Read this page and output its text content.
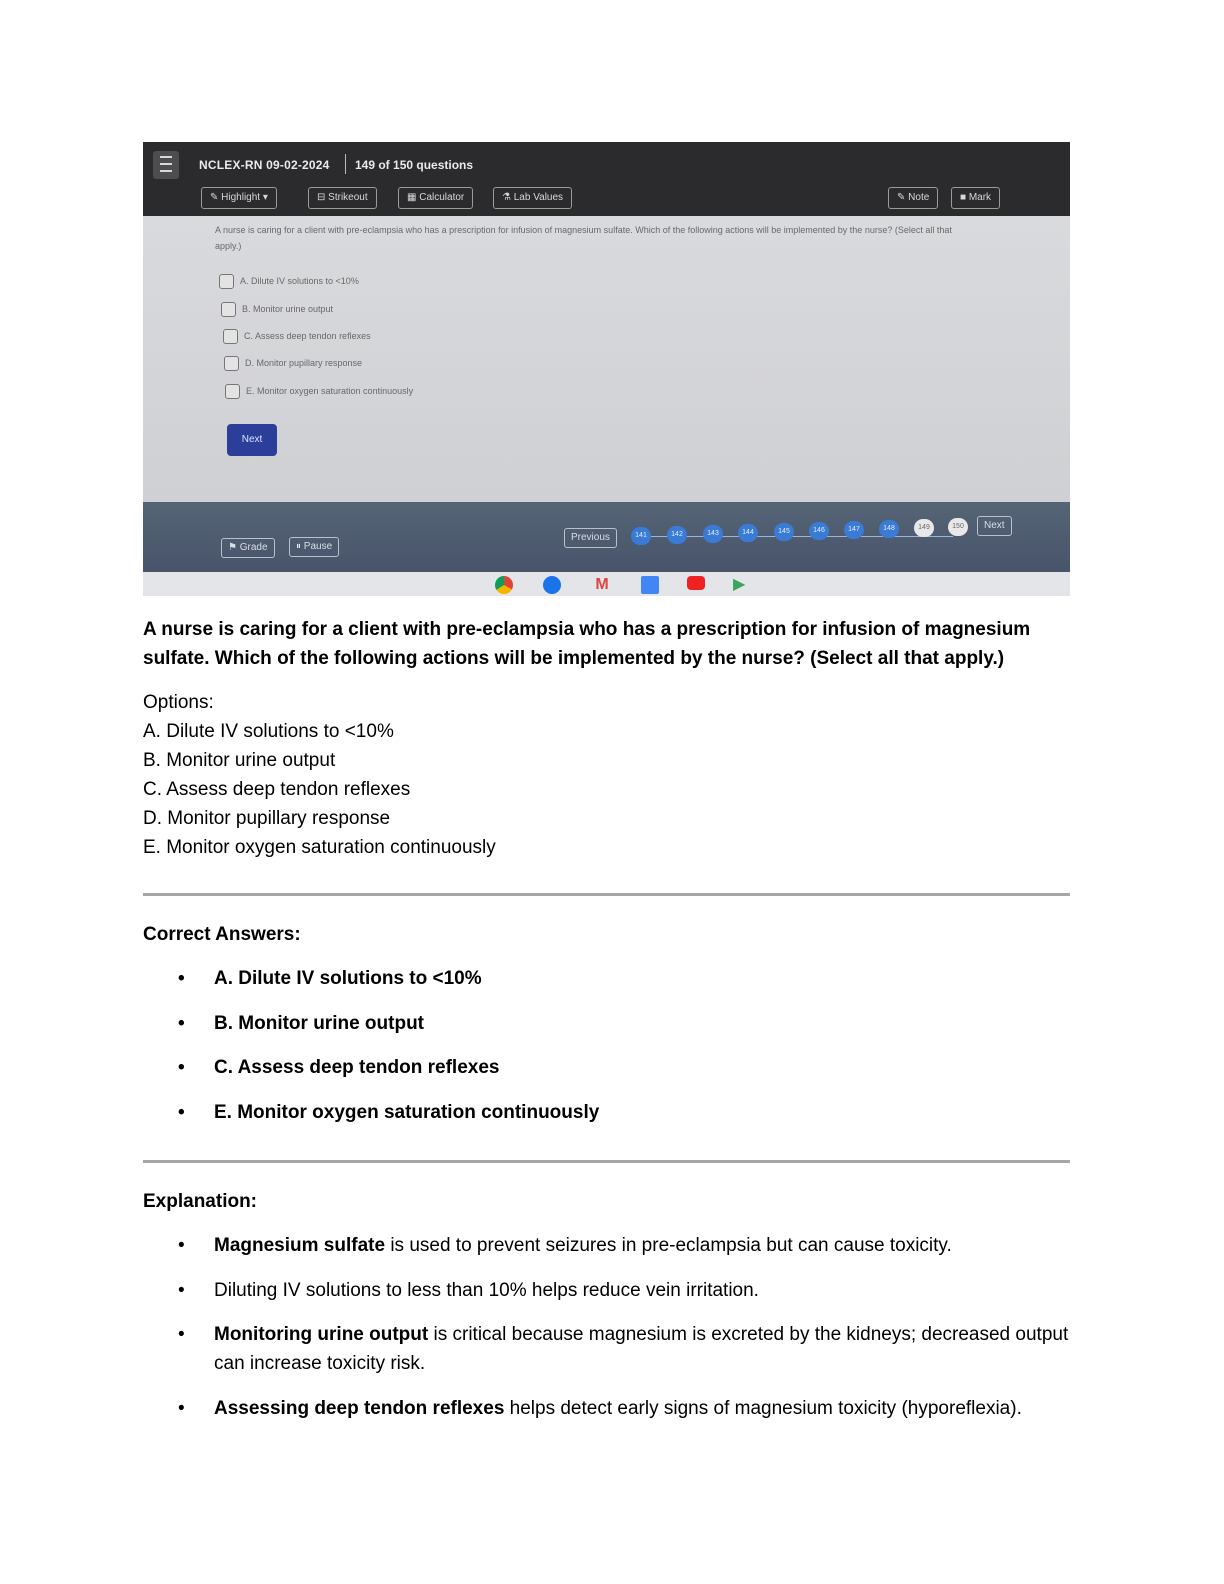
NCLEX-RN 09-02-2024 149 of 150 questions
✎ Highlight ▾	⊟ Strikeout	▦ Calculator	⚗ Lab Values	✎ Note	■ Mark
A nurse is caring for a client with pre-eclampsia who has a prescription for infusion of magnesium sulfate. Which of the following actions will be implemented by the nurse? (Select all that apply.)
A. Dilute IV solutions to <10%
B. Monitor urine output
C. Assess deep tendon reflexes
D. Monitor pupillary response
E. Monitor oxygen saturation continuously
Next
⚑ Grade	⏸ Pause
Previous	141	142	143	144	145	146	147	148	149	150	Next
M	▶
A nurse is caring for a client with pre-eclampsia who has a prescription for infusion of magnesium sulfate. Which of the following actions will be implemented by the nurse? (Select all that apply.)
Options:
A. Dilute IV solutions to <10%
B. Monitor urine output
C. Assess deep tendon reflexes
D. Monitor pupillary response
E. Monitor oxygen saturation continuously
Correct Answers:
• A. Dilute IV solutions to <10%
• B. Monitor urine output
• C. Assess deep tendon reflexes
• E. Monitor oxygen saturation continuously
Explanation:
• Magnesium sulfate is used to prevent seizures in pre-eclampsia but can cause toxicity.
• Diluting IV solutions to less than 10% helps reduce vein irritation.
• Monitoring urine output is critical because magnesium is excreted by the kidneys; decreased output can increase toxicity risk.
• Assessing deep tendon reflexes helps detect early signs of magnesium toxicity (hyporeflexia).
